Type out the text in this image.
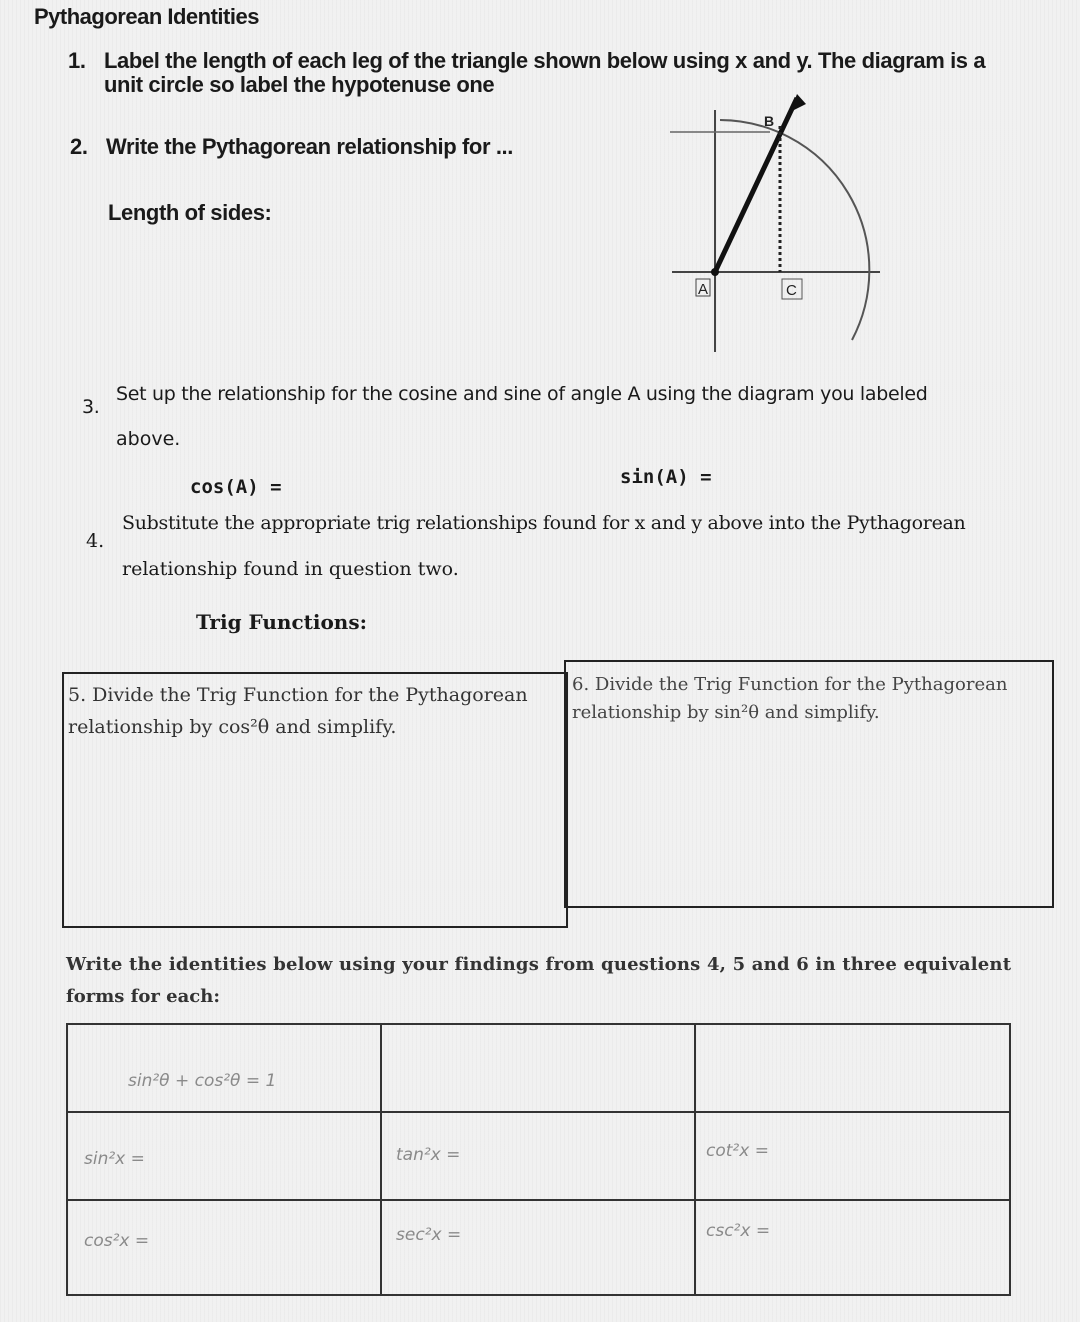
Pythagorean Identities
1. Label the length of each leg of the triangle shown below using x and y. The diagram is a
unit circle so label the hypotenuse one
2. Write the Pythagorean relationship for ...
Length of sides:
B
A	C
3.
Set up the relationship for the cosine and sine of angle A using the diagram you labeled
above.
cos(A) =	sin(A) =
4.
Substitute the appropriate trig relationships found for x and y above into the Pythagorean
relationship found in question two.
Trig Functions:
5. Divide the Trig Function for the Pythagorean
relationship by cos²θ and simplify.
6. Divide the Trig Function for the Pythagorean
relationship by sin²θ and simplify.
Write the identities below using your findings from questions 4, 5 and 6 in three equivalent
forms for each:
sin²θ + cos²θ = 1		

sin²x =	tan²x =	cot²x =

cos²x =	sec²x =	csc²x =
